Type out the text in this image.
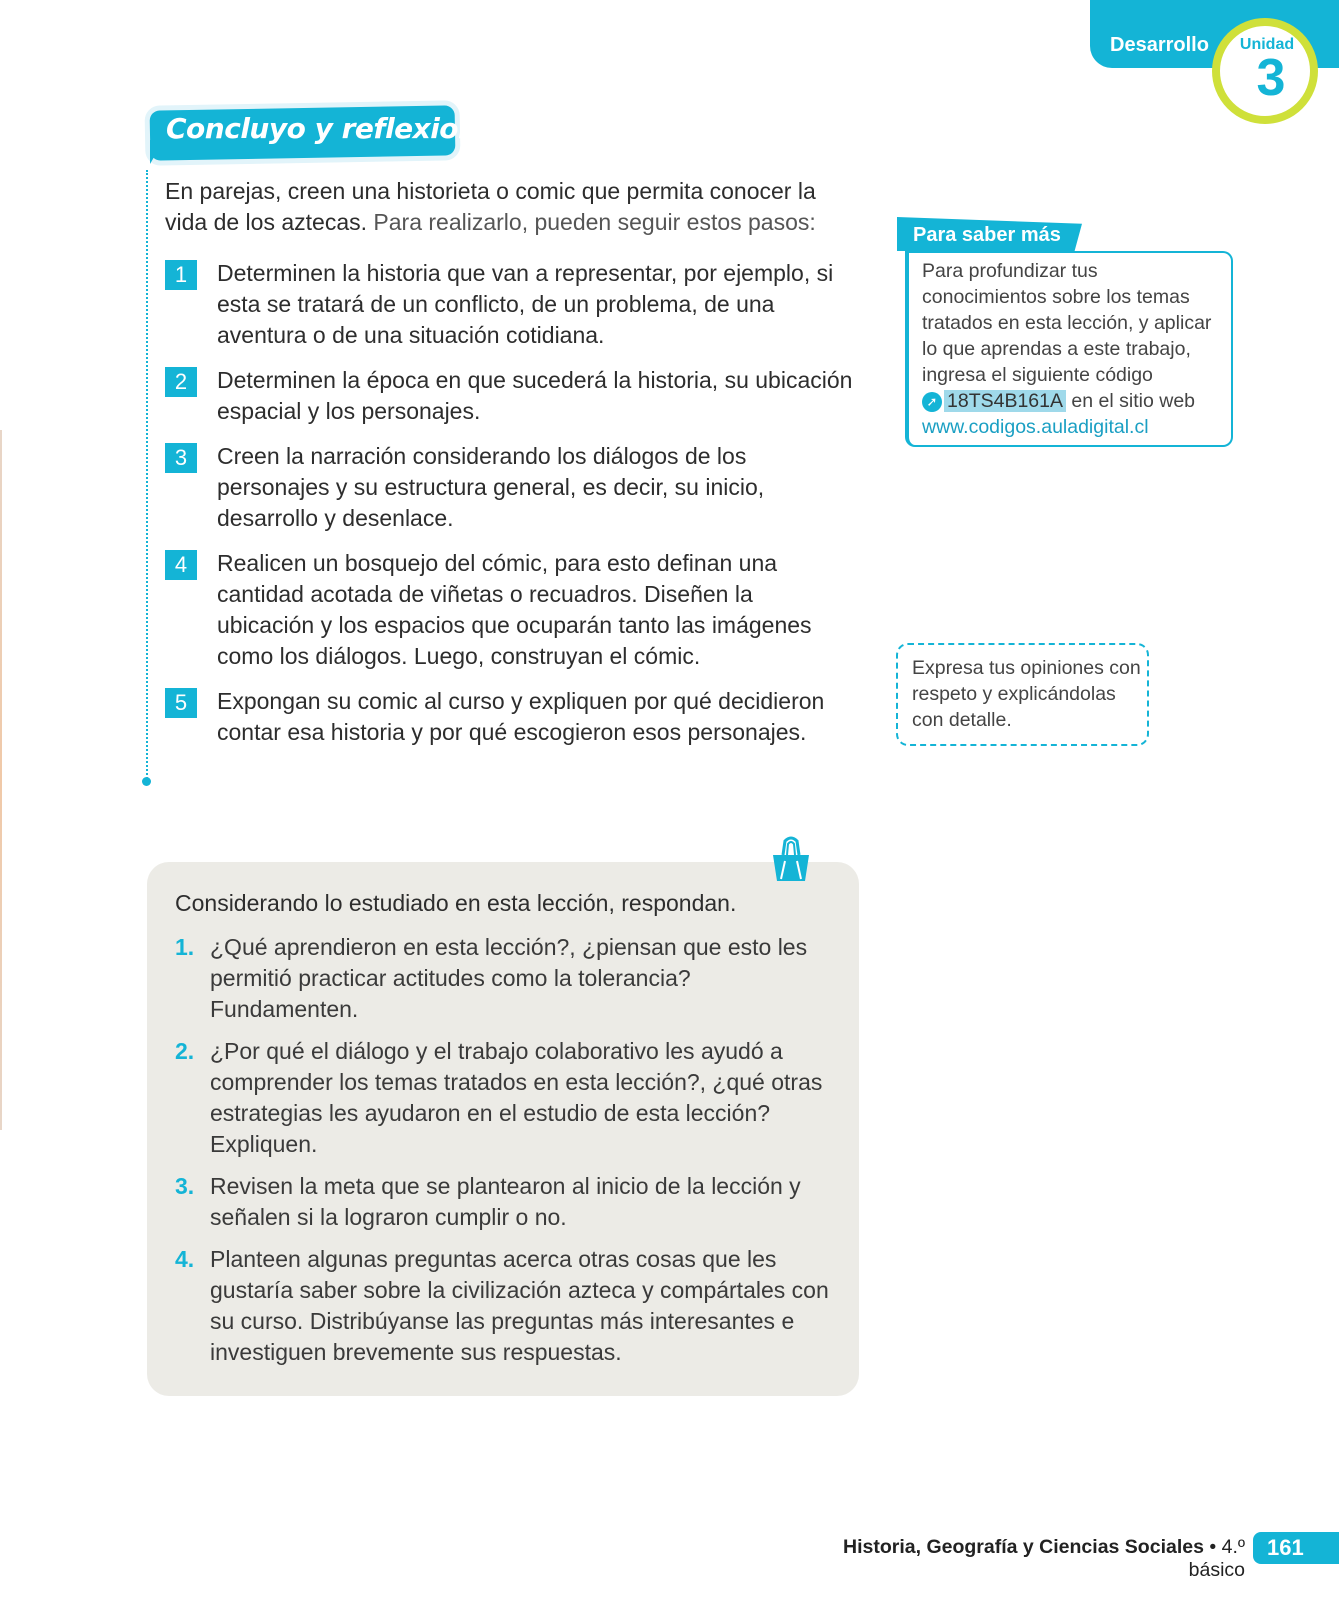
Desarrollo	Unidad
3
Concluyo y reflexiono
En parejas, creen una historieta o comic que permita conocer la vida de los aztecas. Para realizarlo, pueden seguir estos pasos:
1	Determinen la historia que van a representar, por ejemplo, si esta se tratará de un conflicto, de un problema, de una aventura o de una situación cotidiana.
2	Determinen la época en que sucederá la historia, su ubicación espacial y los personajes.
3	Creen la narración considerando los diálogos de los personajes y su estructura general, es decir, su inicio, desarrollo y desenlace.
4	Realicen un bosquejo del cómic, para esto definan una cantidad acotada de viñetas o recuadros. Diseñen la ubicación y los espacios que ocuparán tanto las imágenes como los diálogos. Luego, construyan el cómic.
5	Expongan su comic al curso y expliquen por qué decidieron contar esa historia y por qué escogieron esos personajes.
Para saber más
Para profundizar tus conocimientos sobre los temas tratados en esta lección, y aplicar lo que aprendas a este trabajo, ingresa el siguiente código
➚ 18TS4B161A en el sitio web
www.codigos.auladigital.cl
Expresa tus opiniones con respeto y explicándolas con detalle.
Considerando lo estudiado en esta lección, respondan.
1. ¿Qué aprendieron en esta lección?, ¿piensan que esto les permitió practicar actitudes como la tolerancia? Fundamenten.
2. ¿Por qué el diálogo y el trabajo colaborativo les ayudó a comprender los temas tratados en esta lección?, ¿qué otras estrategias les ayudaron en el estudio de esta lección? Expliquen.
3. Revisen la meta que se plantearon al inicio de la lección y señalen si la lograron cumplir o no.
4. Planteen algunas preguntas acerca otras cosas que les gustaría saber sobre la civilización azteca y compártales con su curso. Distribúyanse las preguntas más interesantes e investiguen brevemente sus respuestas.
Historia, Geografía y Ciencias Sociales • 4.º básico
161
